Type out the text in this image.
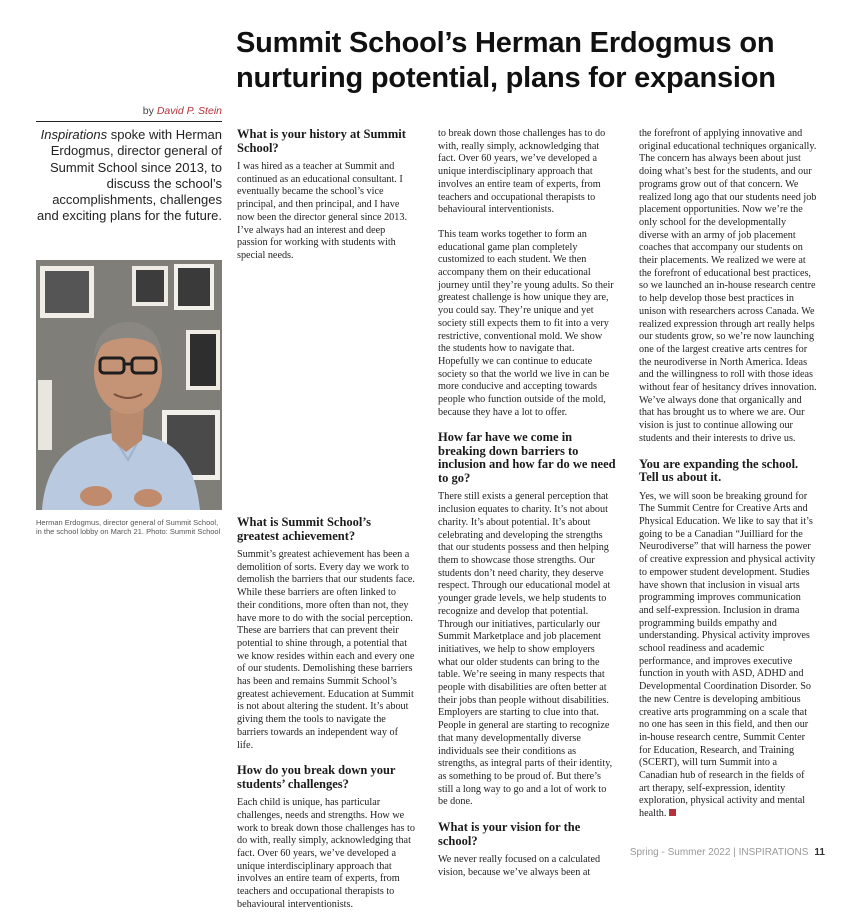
Summit School’s Herman Erdogmus on nurturing potential, plans for expansion
by David P. Stein
Inspirations spoke with Herman Erdogmus, director general of Summit School since 2013, to discuss the school’s accomplishments, challenges and exciting plans for the future.
Herman Erdogmus, director general of Summit School, in the school lobby on March 21. Photo: Summit School
What is your history at Summit School?

I was hired as a teacher at Summit and continued as an educational consultant. I eventually became the school’s vice principal, and then principal, and I have now been the director general since 2013. I’ve always had an interest and deep passion for working with students with special needs.

What is Summit School’s greatest achievement?

Summit’s greatest achievement has been a demolition of sorts. Every day we work to demolish the barriers that our students face. While these barriers are often linked to their conditions, more often than not, they have more to do with the social perception. These are barriers that can prevent their potential to shine through, a potential that we know resides within each and every one of our students. Demolishing these barriers has been and remains Summit School’s greatest achievement. Education at Summit is not about altering the student. It’s about giving them the tools to navigate the barriers towards an independent way of life.

How do you break down your students’ challenges?

Each child is unique, has particular challenges, needs and strengths. How we work to break down those challenges has to do with, really simply, acknowledging that fact. Over 60 years, we’ve developed a unique interdisciplinary approach that involves an entire team of experts, from teachers and occupational therapists to behavioural interventionists.

to break down those challenges has to do with, really simply, acknowledging that fact. Over 60 years, we’ve developed a unique interdisciplinary approach that involves an entire team of experts, from teachers and occupational therapists to behavioural interventionists.

This team works together to form an educational game plan completely customized to each student. We then accompany them on their educational journey until they’re young adults. So their greatest challenge is how unique they are, you could say. They’re unique and yet society still expects them to fit into a very restrictive, conventional mold. We show the students how to navigate that. Hopefully we can continue to educate society so that the world we live in can be more conducive and accepting towards people who function outside of the mold, because they have a lot to offer.

How far have we come in breaking down barriers to inclusion and how far do we need to go?

There still exists a general perception that inclusion equates to charity. It’s not about charity. It’s about potential. It’s about celebrating and developing the strengths that our students possess and then helping them to showcase those strengths. Our students don’t need charity, they deserve respect. Through our educational model at younger grade levels, we help students to recognize and develop that potential. Through our initiatives, particularly our Summit Marketplace and job placement initiatives, we help to show employers what our older students can bring to the table. We’re seeing in many respects that people with disabilities are often better at their jobs than people without disabilities. Employers are starting to clue into that. People in general are starting to recognize that many developmentally diverse individuals see their conditions as strengths, as integral parts of their identity, as something to be proud of. But there’s still a long way to go and a lot of work to be done.

What is your vision for the school?

We never really focused on a calculated vision, because we’ve always been at

the forefront of applying innovative and original educational techniques organically. The concern has always been about just doing what’s best for the students, and our programs grow out of that concern. We realized long ago that our students need job placement opportunities. Now we’re the only school for the developmentally diverse with an army of job placement coaches that accompany our students on their placements. We realized we were at the forefront of educational best practices, so we launched an in-house research centre to help develop those best practices in unison with researchers across Canada. We realized expression through art really helps our students grow, so we’re now launching one of the largest creative arts centres for the neurodiverse in North America. Ideas and the willingness to roll with those ideas without fear of hesitancy drives innovation. We’ve always done that organically and that has brought us to where we are. Our vision is just to continue allowing our students and their interests to drive us.

You are expanding the school. Tell us about it.

Yes, we will soon be breaking ground for The Summit Centre for Creative Arts and Physical Education. We like to say that it’s going to be a Canadian “Juilliard for the Neurodiverse” that will harness the power of creative expression and physical activity to empower student development. Studies have shown that inclusion in visual arts programming improves communication and self-expression. Inclusion in drama programming builds empathy and understanding. Physical activity improves school readiness and academic performance, and improves executive function in youth with ASD, ADHD and Developmental Coordination Disorder. So the new Centre is developing ambitious creative arts programming on a scale that no one has seen in this field, and then our in-house research centre, Summit Center for Education, Research, and Training (SCERT), will turn Summit into a Canadian hub of research in the fields of art therapy, self-expression, identity exploration, physical activity and mental health.

Spring - Summer 2022 | INSPIRATIONS 11
